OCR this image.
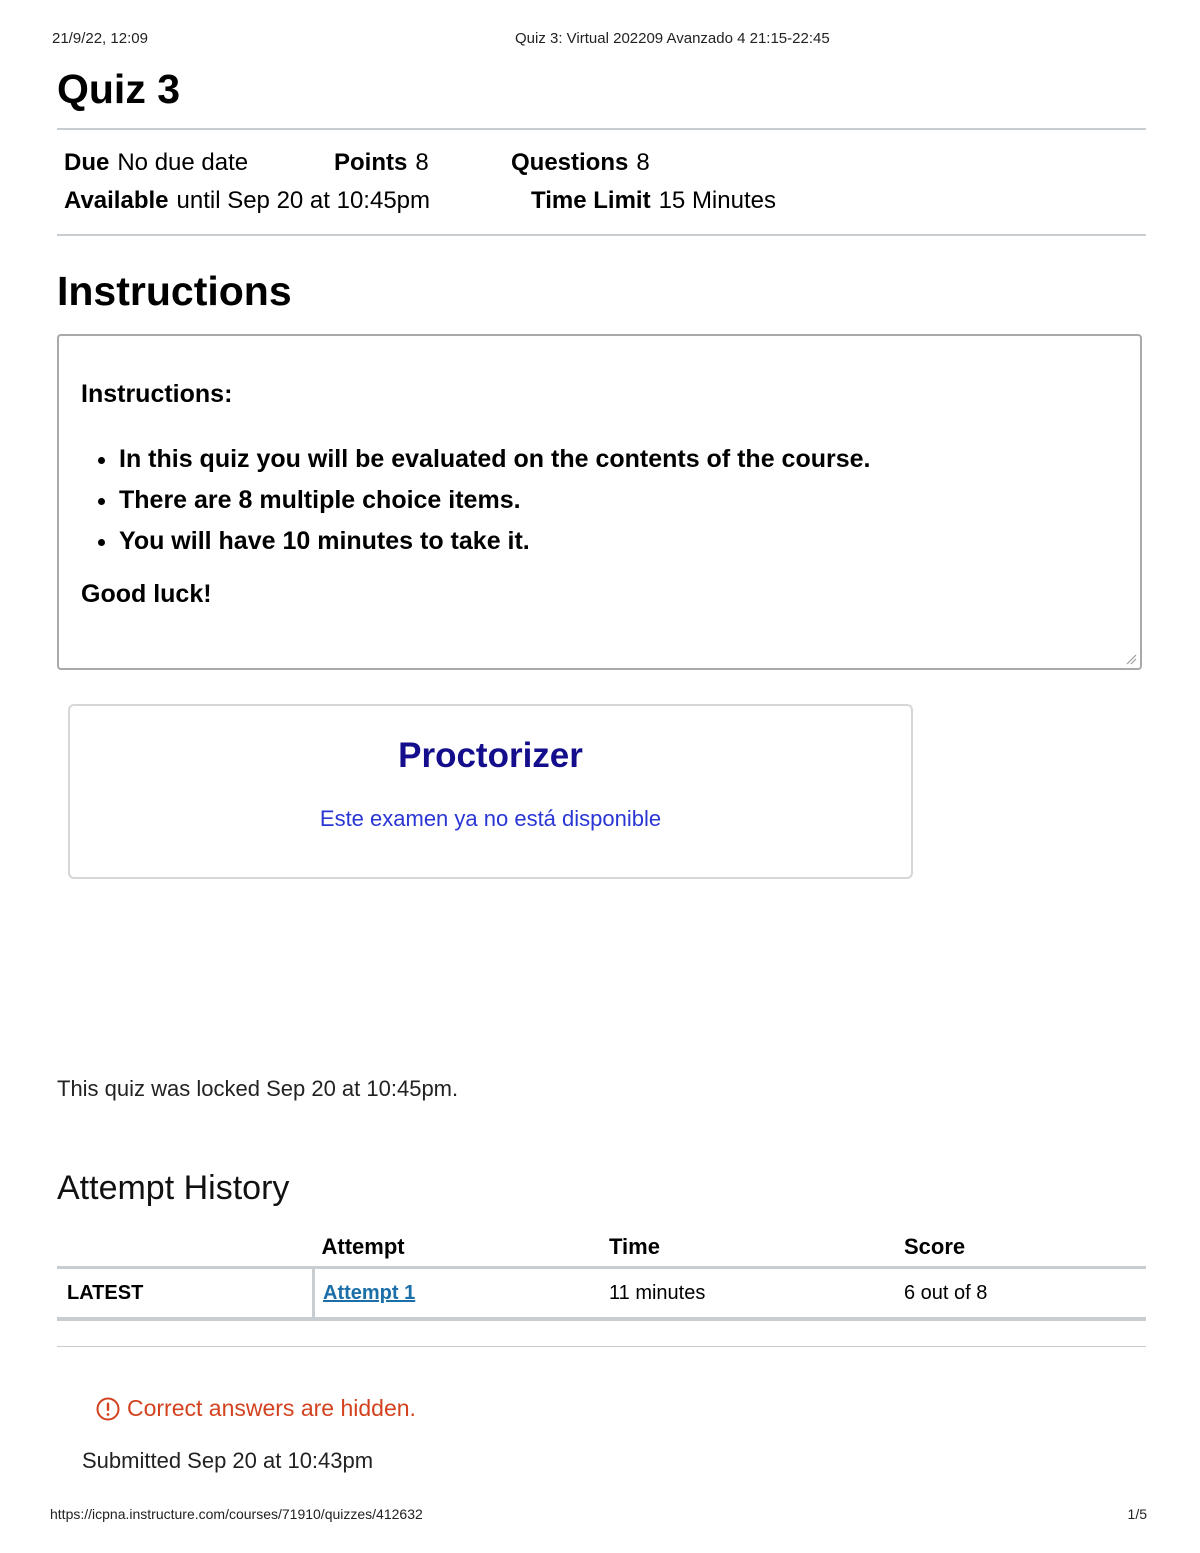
21/9/22, 12:09	Quiz 3: Virtual 202209 Avanzado 4 21:15-22:45
Quiz 3
Due No due date	Points 8	Questions 8
Available until Sep 20 at 10:45pm	Time Limit 15 Minutes
Instructions
Instructions:
• In this quiz you will be evaluated on the contents of the course.
• There are 8 multiple choice items.
• You will have 10 minutes to take it.
Good luck!
Proctorizer
Este examen ya no está disponible
This quiz was locked Sep 20 at 10:45pm.
Attempt History
	Attempt	Time	Score
LATEST	Attempt 1	11 minutes	6 out of 8
Correct answers are hidden.
Submitted Sep 20 at 10:43pm
https://icpna.instructure.com/courses/71910/quizzes/412632	1/5
